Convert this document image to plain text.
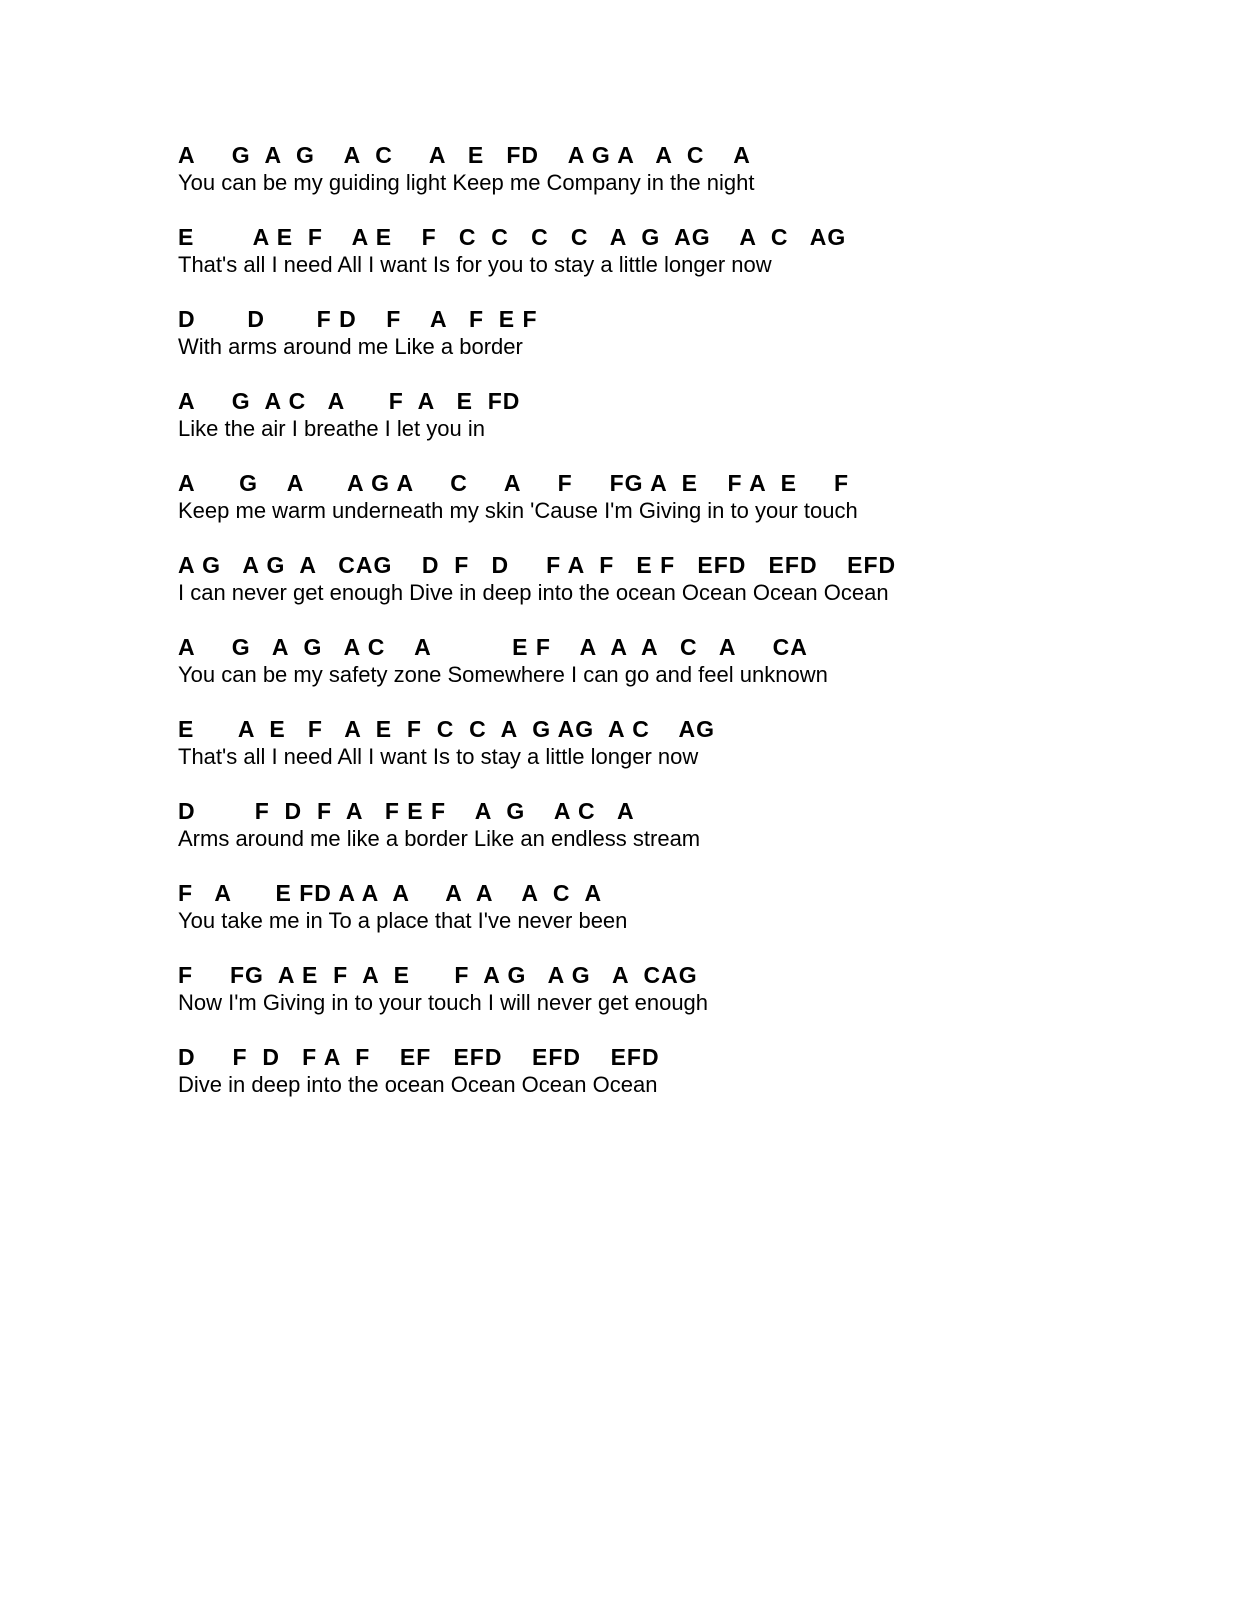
A     G  A  G    A  C     A   E   FD    A G A   A  C    A
You can be my guiding light Keep me Company in the night
E        A E  F    A E    F   C  C   C   C   A  G  AG    A  C   AG
That's all I need All I want Is for you to stay a little longer now
D       D       F D    F    A   F  E F
With arms around me Like a border
A     G  A C   A      F  A   E  FD
Like the air I breathe I let you in
A      G    A      A G A     C     A     F     FG A  E    F A  E     F
Keep me warm underneath my skin 'Cause I'm Giving in to your touch
A G   A G  A   CAG    D  F   D     F A  F   E F   EFD   EFD    EFD
I can never get enough Dive in deep into the ocean Ocean Ocean Ocean
A     G   A  G   A C    A           E F    A  A  A   C   A     CA
You can be my safety zone Somewhere I can go and feel unknown
E      A  E   F   A  E  F  C  C  A  G AG  A C    AG
That's all I need All I want Is to stay a little longer now
D        F  D  F  A   F E F    A  G    A C   A
Arms around me like a border Like an endless stream
F   A      E FD A A  A     A  A    A  C  A
You take me in To a place that I've never been
F     FG  A E  F  A  E      F  A G   A G   A  CAG
Now I'm Giving in to your touch I will never get enough
D     F  D   F A  F    EF   EFD    EFD    EFD
Dive in deep into the ocean Ocean Ocean Ocean
